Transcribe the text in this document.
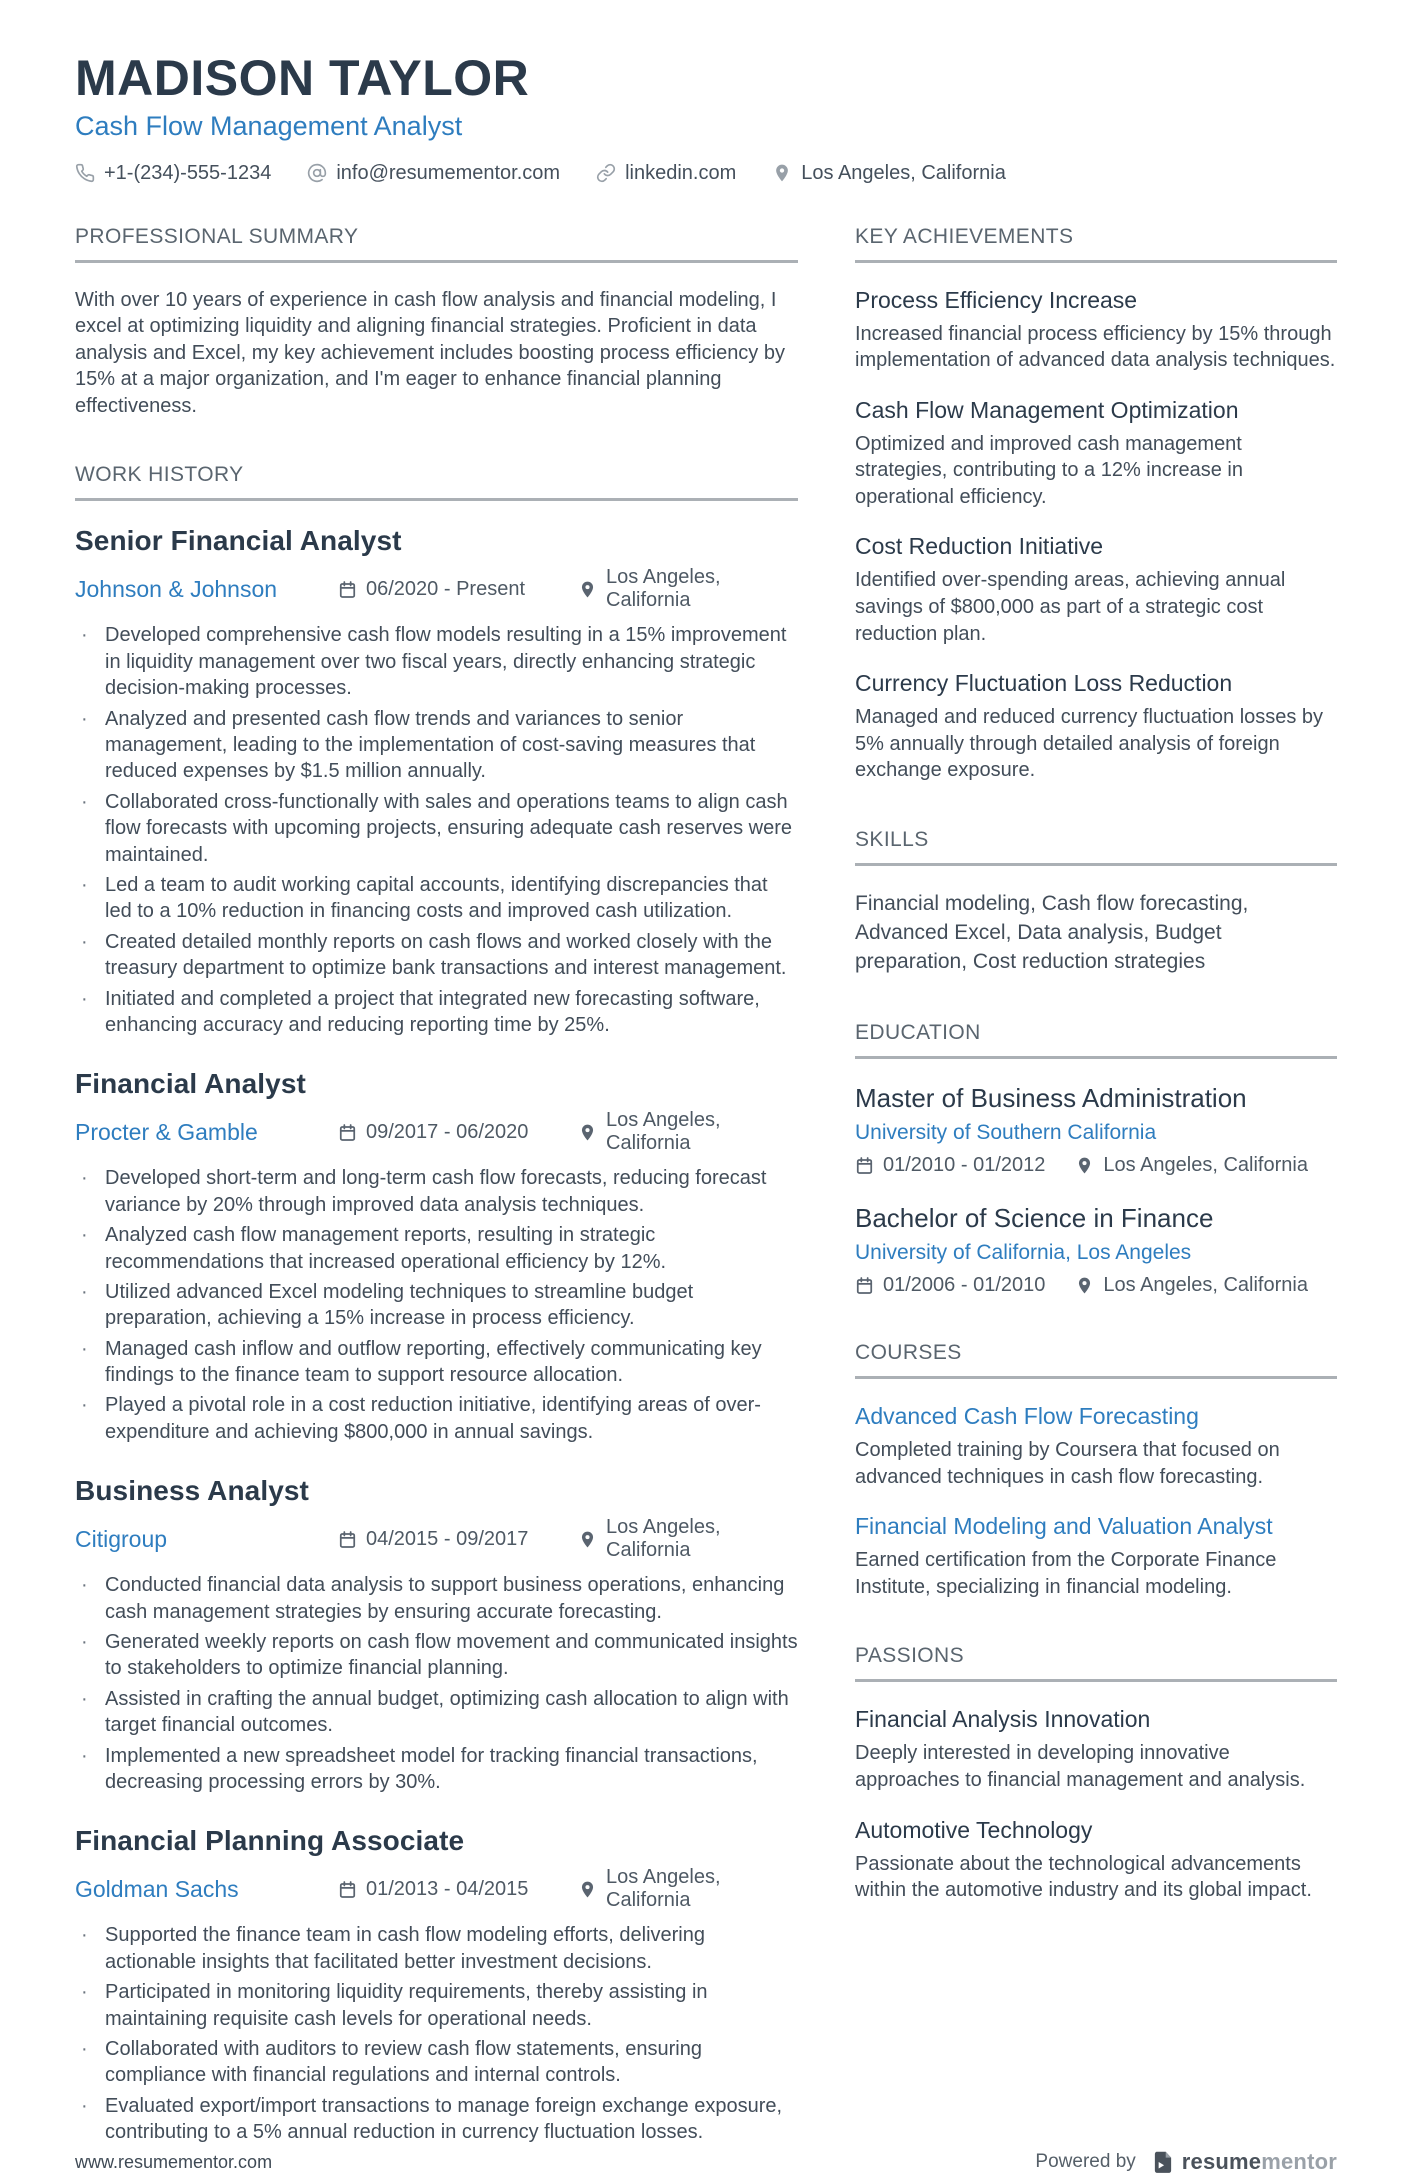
MADISON TAYLOR
Cash Flow Management Analyst
+1-(234)-555-1234	info@resumementor.com	linkedin.com	Los Angeles, California
PROFESSIONAL SUMMARY

With over 10 years of experience in cash flow analysis and financial modeling, I excel at optimizing liquidity and aligning financial strategies. Proficient in data analysis and Excel, my key achievement includes boosting process efficiency by 15% at a major organization, and I'm eager to enhance financial planning effectiveness.

WORK HISTORY
Senior Financial Analyst
Johnson & Johnson	06/2020 - Present
Los Angeles, California
· Developed comprehensive cash flow models resulting in a 15% improvement in liquidity management over two fiscal years, directly enhancing strategic decision-making processes.
· Analyzed and presented cash flow trends and variances to senior management, leading to the implementation of cost-saving measures that reduced expenses by $1.5 million annually.
· Collaborated cross-functionally with sales and operations teams to align cash flow forecasts with upcoming projects, ensuring adequate cash reserves were maintained.
· Led a team to audit working capital accounts, identifying discrepancies that led to a 10% reduction in financing costs and improved cash utilization.
· Created detailed monthly reports on cash flows and worked closely with the treasury department to optimize bank transactions and interest management.
· Initiated and completed a project that integrated new forecasting software, enhancing accuracy and reducing reporting time by 25%.
Financial Analyst
Procter & Gamble	09/2017 - 06/2020
Los Angeles, California
· Developed short-term and long-term cash flow forecasts, reducing forecast variance by 20% through improved data analysis techniques.
· Analyzed cash flow management reports, resulting in strategic recommendations that increased operational efficiency by 12%.
· Utilized advanced Excel modeling techniques to streamline budget preparation, achieving a 15% increase in process efficiency.
· Managed cash inflow and outflow reporting, effectively communicating key findings to the finance team to support resource allocation.
· Played a pivotal role in a cost reduction initiative, identifying areas of over-expenditure and achieving $800,000 in annual savings.
Business Analyst
Citigroup	04/2015 - 09/2017
Los Angeles, California
· Conducted financial data analysis to support business operations, enhancing cash management strategies by ensuring accurate forecasting.
· Generated weekly reports on cash flow movement and communicated insights to stakeholders to optimize financial planning.
· Assisted in crafting the annual budget, optimizing cash allocation to align with target financial outcomes.
· Implemented a new spreadsheet model for tracking financial transactions, decreasing processing errors by 30%.
Financial Planning Associate
Goldman Sachs	01/2013 - 04/2015
Los Angeles, California
· Supported the finance team in cash flow modeling efforts, delivering actionable insights that facilitated better investment decisions.
· Participated in monitoring liquidity requirements, thereby assisting in maintaining requisite cash levels for operational needs.
· Collaborated with auditors to review cash flow statements, ensuring compliance with financial regulations and internal controls.
· Evaluated export/import transactions to manage foreign exchange exposure, contributing to a 5% annual reduction in currency fluctuation losses.
KEY ACHIEVEMENTS
Process Efficiency Increase
Increased financial process efficiency by 15% through implementation of advanced data analysis techniques.
Cash Flow Management Optimization
Optimized and improved cash management strategies, contributing to a 12% increase in operational efficiency.
Cost Reduction Initiative
Identified over-spending areas, achieving annual savings of $800,000 as part of a strategic cost reduction plan.
Currency Fluctuation Loss Reduction
Managed and reduced currency fluctuation losses by 5% annually through detailed analysis of foreign exchange exposure.
SKILLS
Financial modeling, Cash flow forecasting, Advanced Excel, Data analysis, Budget preparation, Cost reduction strategies
EDUCATION
Master of Business Administration
University of Southern California
01/2010 - 01/2012	Los Angeles, California
Bachelor of Science in Finance
University of California, Los Angeles
01/2006 - 01/2010	Los Angeles, California
COURSES
Advanced Cash Flow Forecasting
Completed training by Coursera that focused on advanced techniques in cash flow forecasting.
Financial Modeling and Valuation Analyst
Earned certification from the Corporate Finance Institute, specializing in financial modeling.
PASSIONS
Financial Analysis Innovation
Deeply interested in developing innovative approaches to financial management and analysis.
Automotive Technology
Passionate about the technological advancements within the automotive industry and its global impact.
www.resumementor.com	Powered by resumementor
